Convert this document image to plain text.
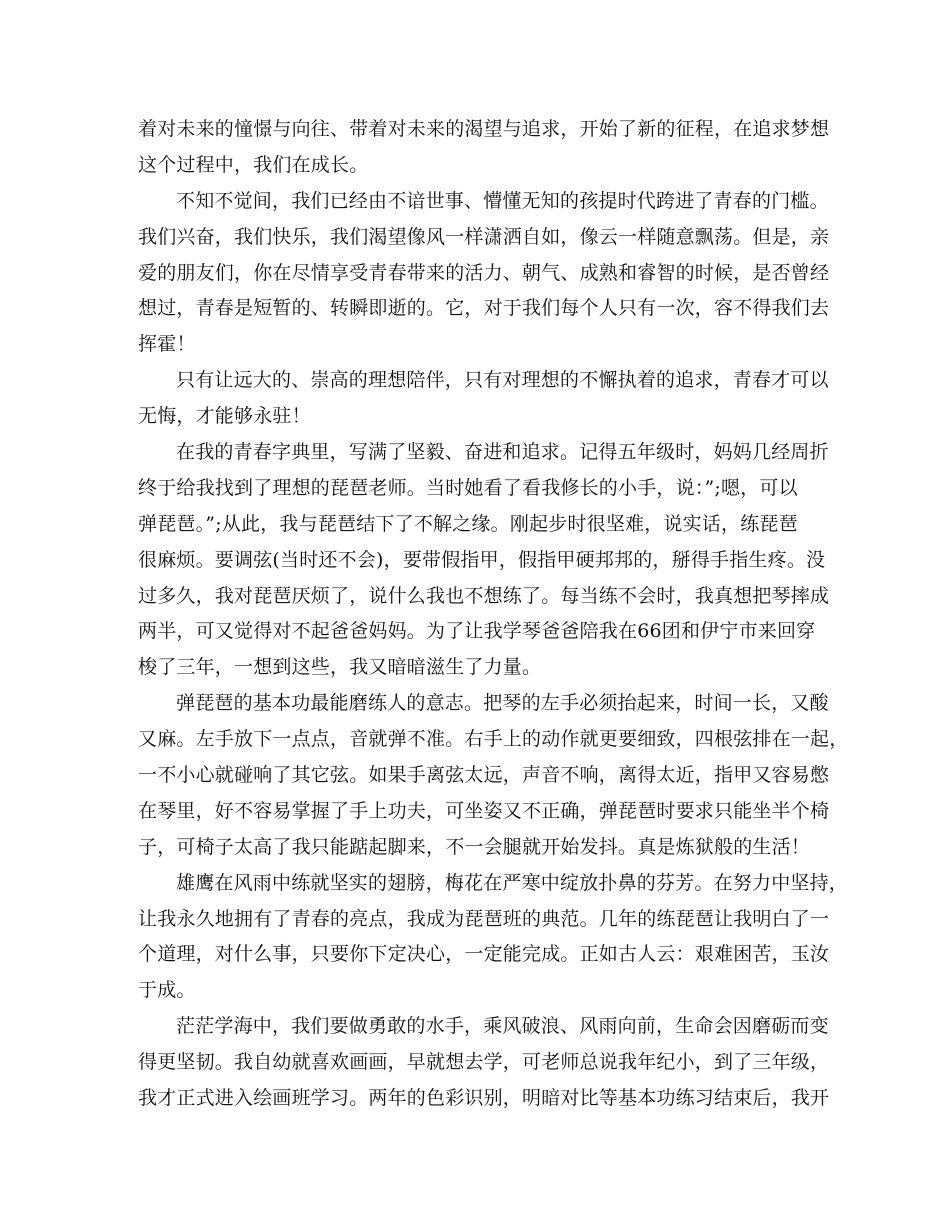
着对未来的憧憬与向往、带着对未来的渴望与追求，开始了新的征程，在追求梦想
这个过程中，我们在成长。
不知不觉间，我们已经由不谙世事、懵懂无知的孩提时代跨进了青春的门槛。
我们兴奋，我们快乐，我们渴望像风一样潇洒自如，像云一样随意飘荡。但是，亲
爱的朋友们，你在尽情享受青春带来的活力、朝气、成熟和睿智的时候，是否曾经
想过，青春是短暂的、转瞬即逝的。它，对于我们每个人只有一次，容不得我们去
挥霍！
只有让远大的、崇高的理想陪伴，只有对理想的不懈执着的追求，青春才可以
无悔，才能够永驻！
在我的青春字典里，写满了坚毅、奋进和追求。记得五年级时，妈妈几经周折
终于给我找到了理想的琵琶老师。当时她看了看我修长的小手，说：”;嗯，可以
弹琵琶。”;从此，我与琵琶结下了不解之缘。刚起步时很坚难，说实话，练琵琶
很麻烦。要调弦(当时还不会)，要带假指甲，假指甲硬邦邦的，掰得手指生疼。没
过多久，我对琵琶厌烦了，说什么我也不想练了。每当练不会时，我真想把琴摔成
两半，可又觉得对不起爸爸妈妈。为了让我学琴爸爸陪我在66团和伊宁市来回穿
梭了三年，一想到这些，我又暗暗滋生了力量。
弹琵琶的基本功最能磨练人的意志。把琴的左手必须抬起来，时间一长，又酸
又麻。左手放下一点点，音就弹不准。右手上的动作就更要细致，四根弦排在一起，
一不小心就碰响了其它弦。如果手离弦太远，声音不响，离得太近，指甲又容易憋
在琴里，好不容易掌握了手上功夫，可坐姿又不正确，弹琵琶时要求只能坐半个椅
子，可椅子太高了我只能踮起脚来，不一会腿就开始发抖。真是炼狱般的生活！
雄鹰在风雨中练就坚实的翅膀，梅花在严寒中绽放扑鼻的芬芳。在努力中坚持，
让我永久地拥有了青春的亮点，我成为琵琶班的典范。几年的练琵琶让我明白了一
个道理，对什么事，只要你下定决心，一定能完成。正如古人云：艰难困苦，玉汝
于成。
茫茫学海中，我们要做勇敢的水手，乘风破浪、风雨向前，生命会因磨砺而变
得更坚韧。我自幼就喜欢画画，早就想去学，可老师总说我年纪小，到了三年级，
我才正式进入绘画班学习。两年的色彩识别，明暗对比等基本功练习结束后，我开
